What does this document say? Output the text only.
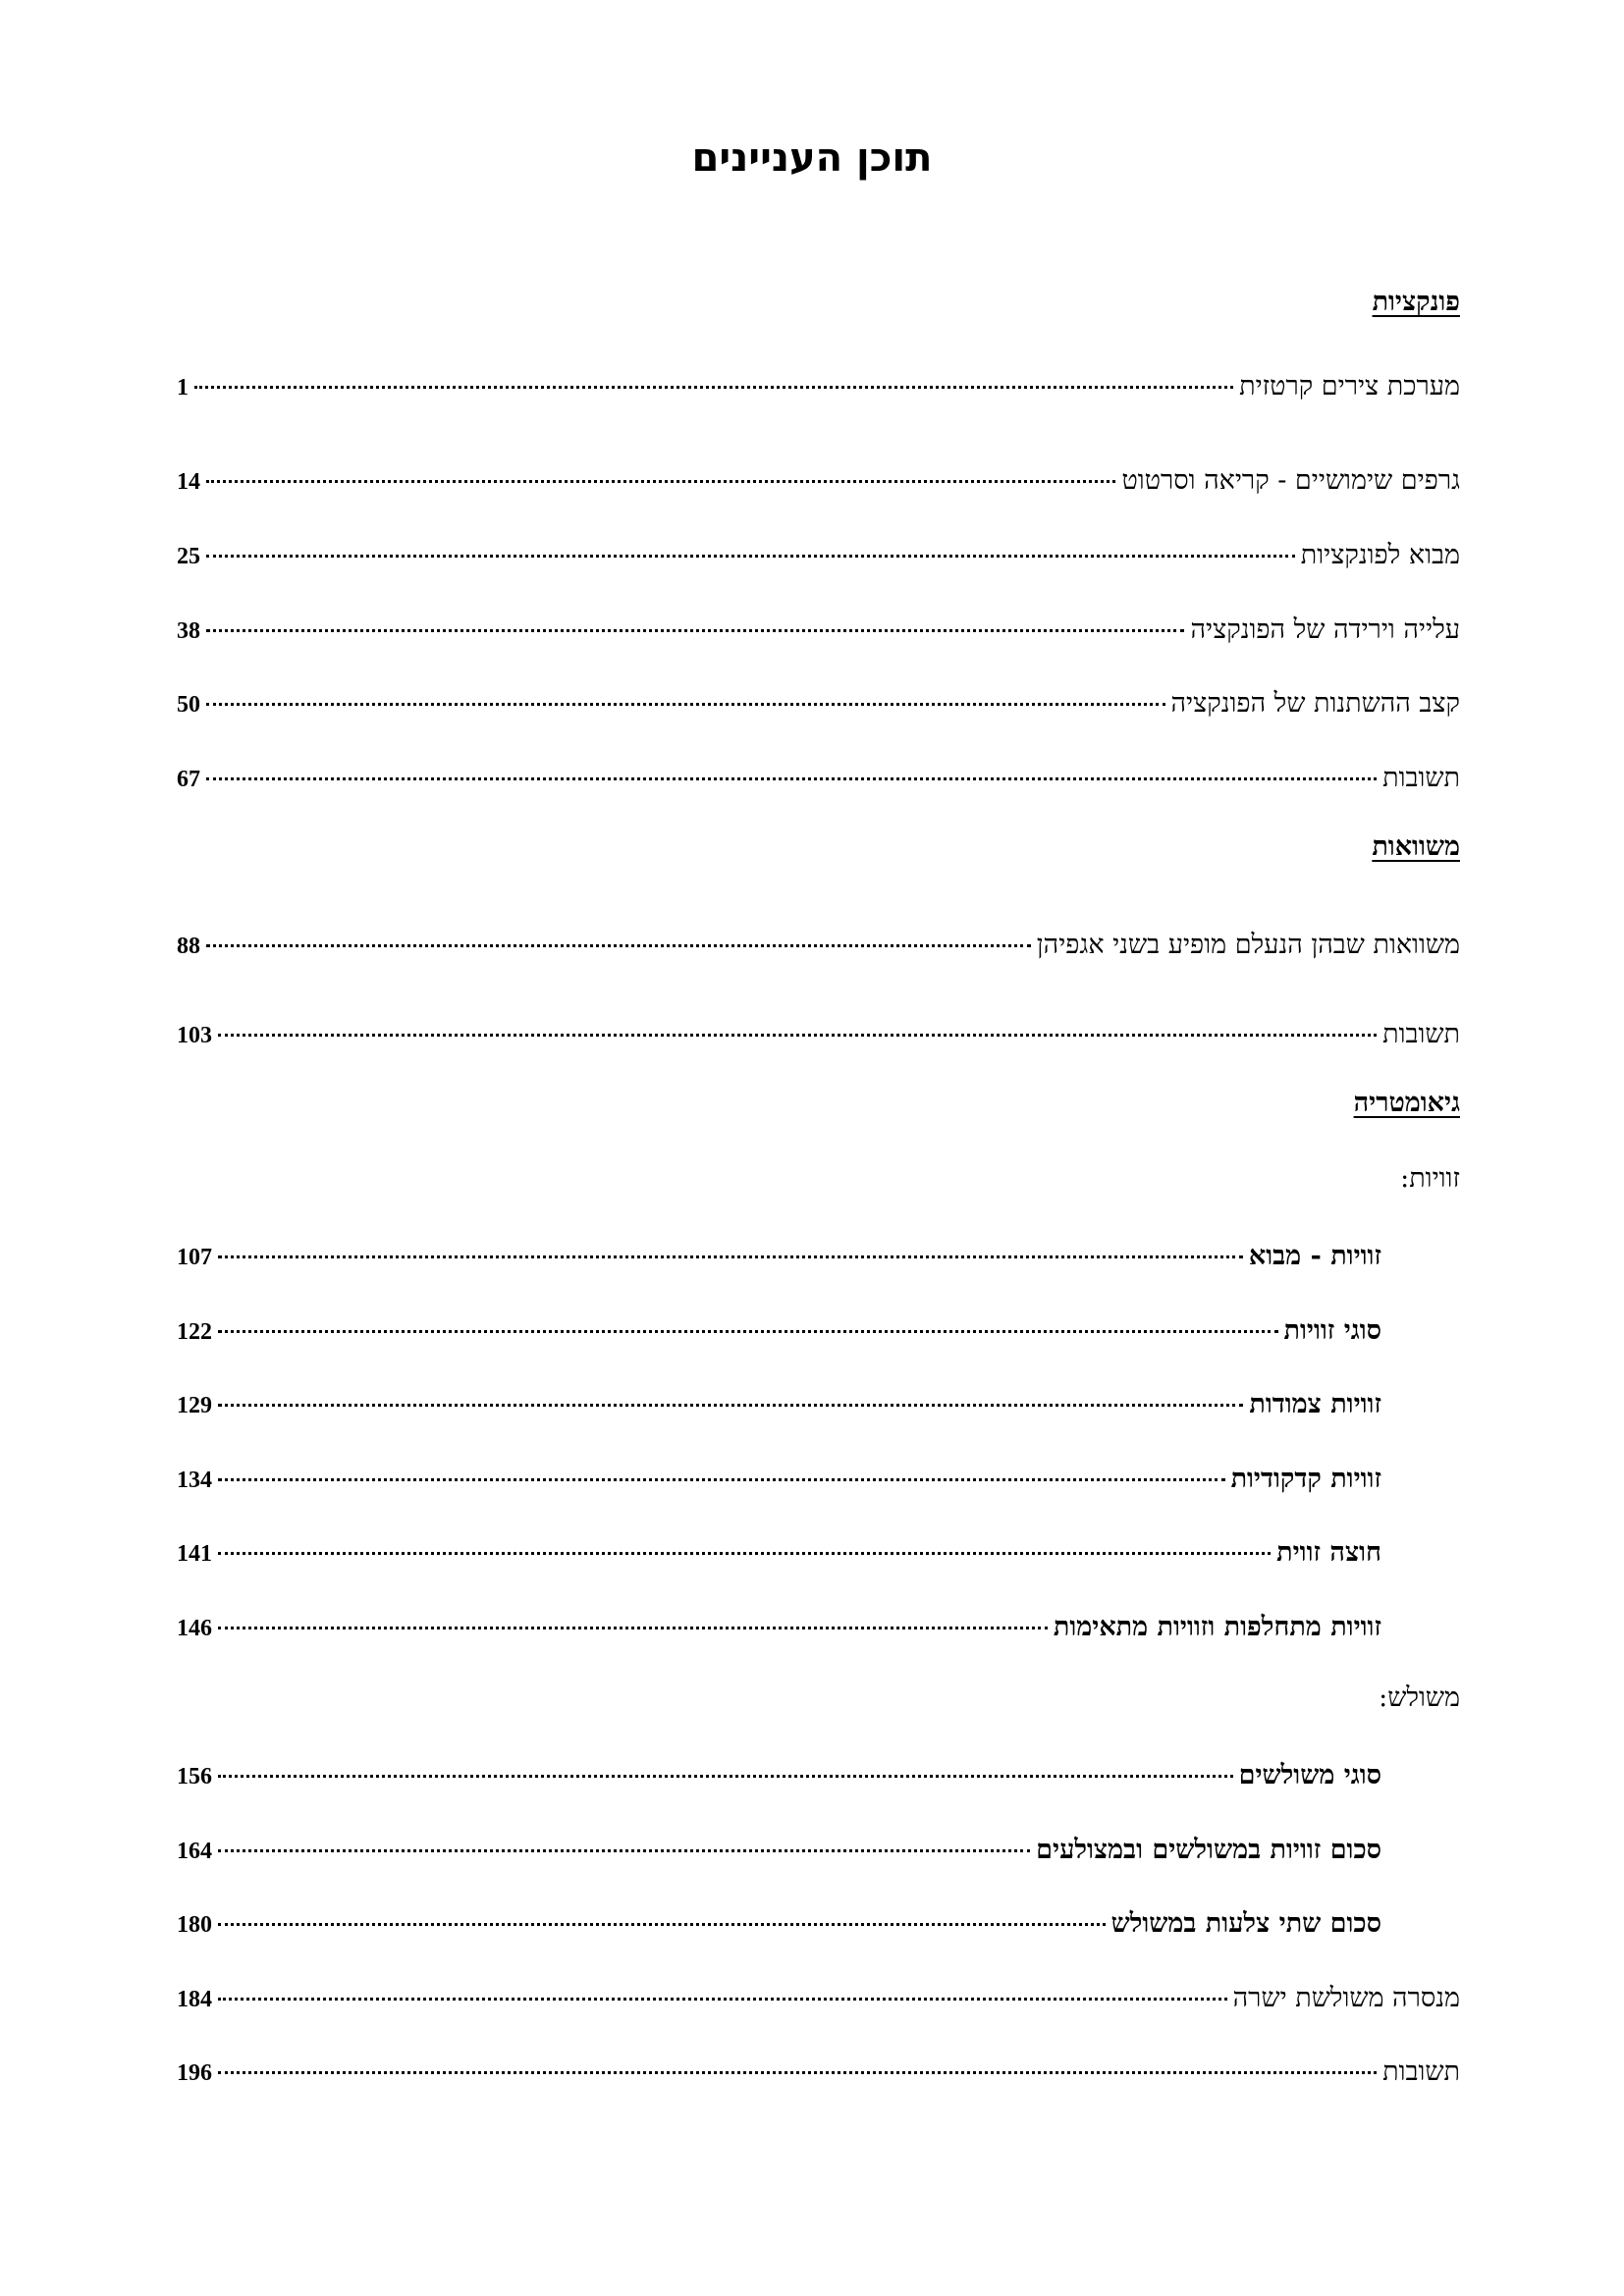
תוכן העניינים
פונקציות
מערכת צירים קרטזית
1
גרפים שימושיים - קריאה וסרטוט
14
מבוא לפונקציות
25
עלייה וירידה של הפונקציה
38
קצב ההשתנות של הפונקציה
50
תשובות
67
משוואות
משוואות שבהן הנעלם מופיע בשני אגפיהן
88
תשובות
103
גיאומטריה
זוויות:
זוויות - מבוא
107
סוגי זוויות
122
זוויות צמודות
129
זוויות קדקודיות
134
חוצה זווית
141
זוויות מתחלפות וזוויות מתאימות
146
משולש:
סוגי משולשים
156
סכום זוויות במשולשים ובמצולעים
164
סכום שתי צלעות במשולש
180
מנסרה משולשת ישרה
184
תשובות
196
